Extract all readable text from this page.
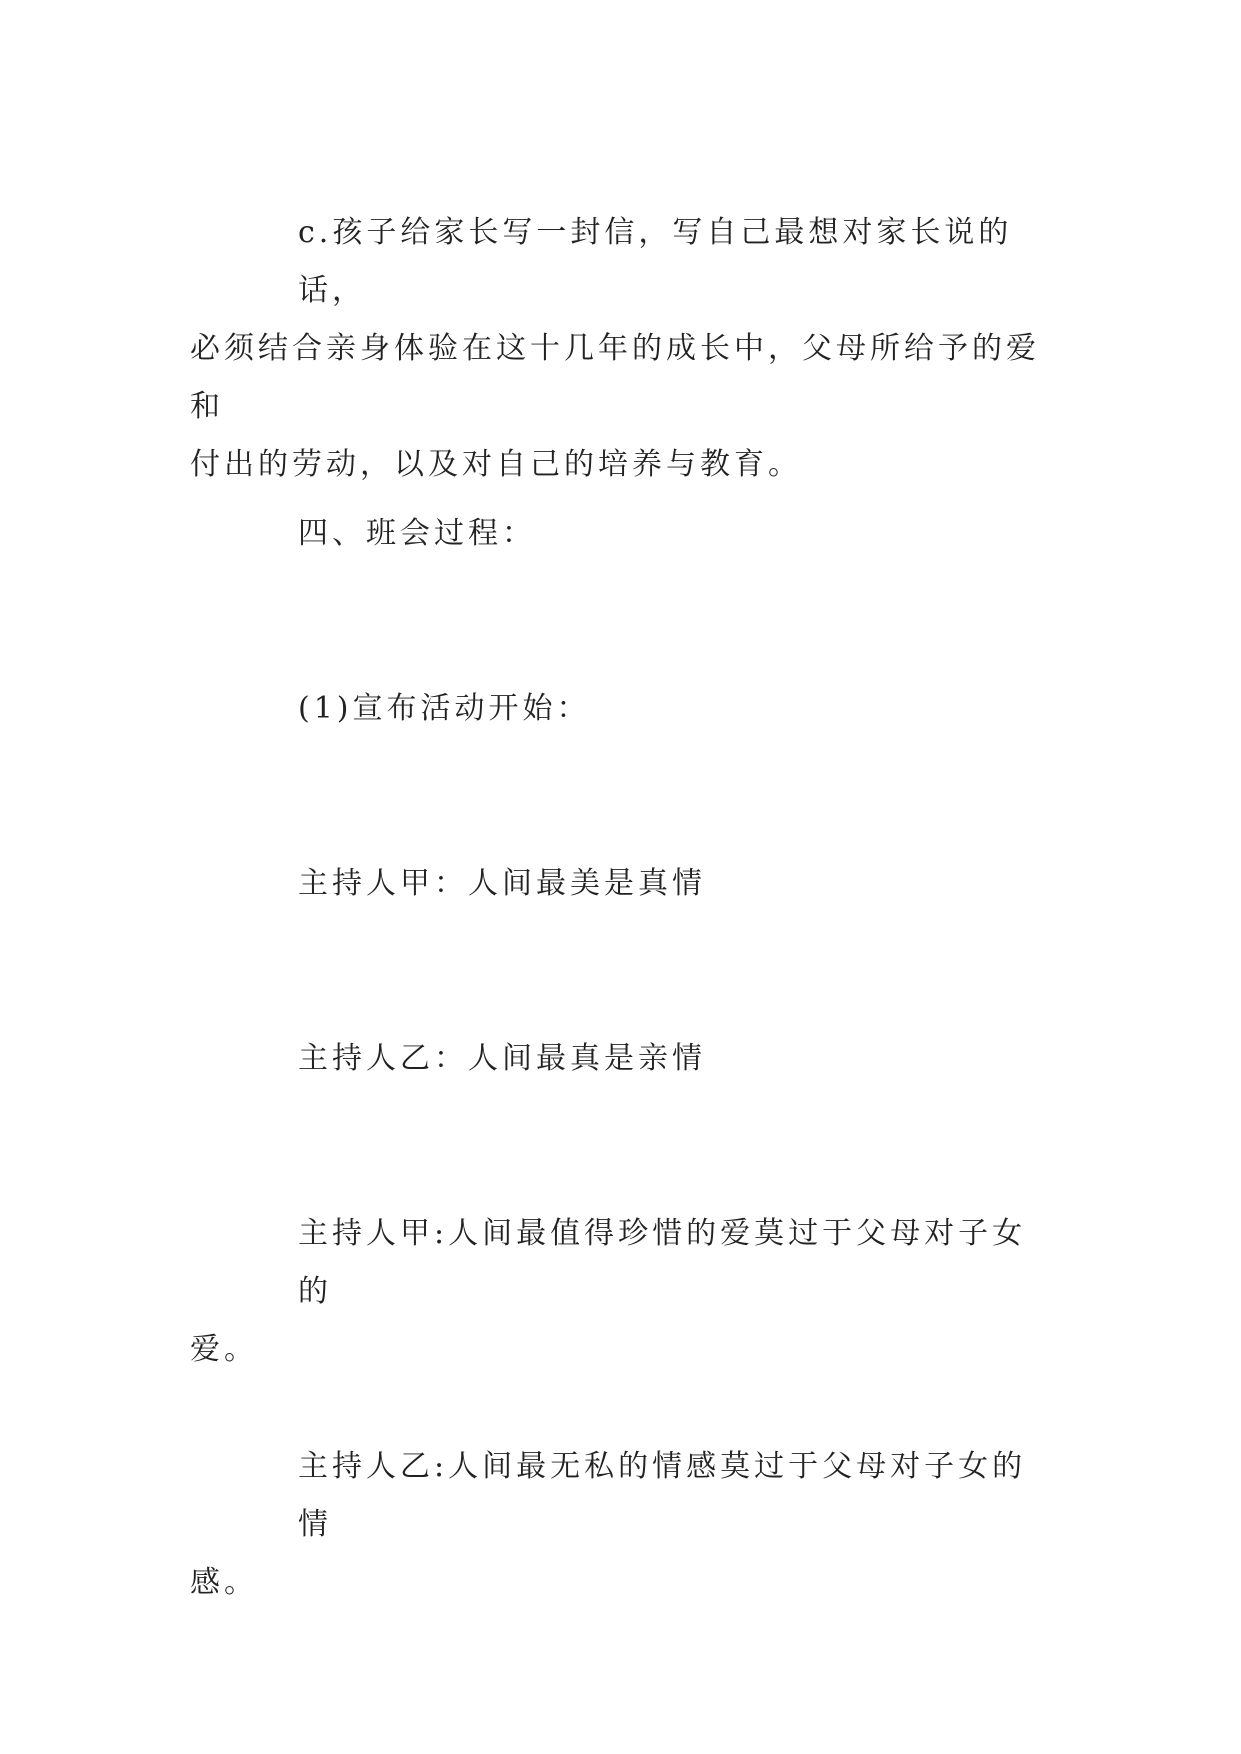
c.孩子给家长写一封信，写自己最想对家长说的话，
必须结合亲身体验在这十几年的成长中，父母所给予的爱和
付出的劳动，以及对自己的培养与教育。

四、班会过程：

(1)宣布活动开始：

主持人甲：人间最美是真情

主持人乙：人间最真是亲情

主持人甲:人间最值得珍惜的爱莫过于父母对子女的
爱。

主持人乙:人间最无私的情感莫过于父母对子女的情
感。
